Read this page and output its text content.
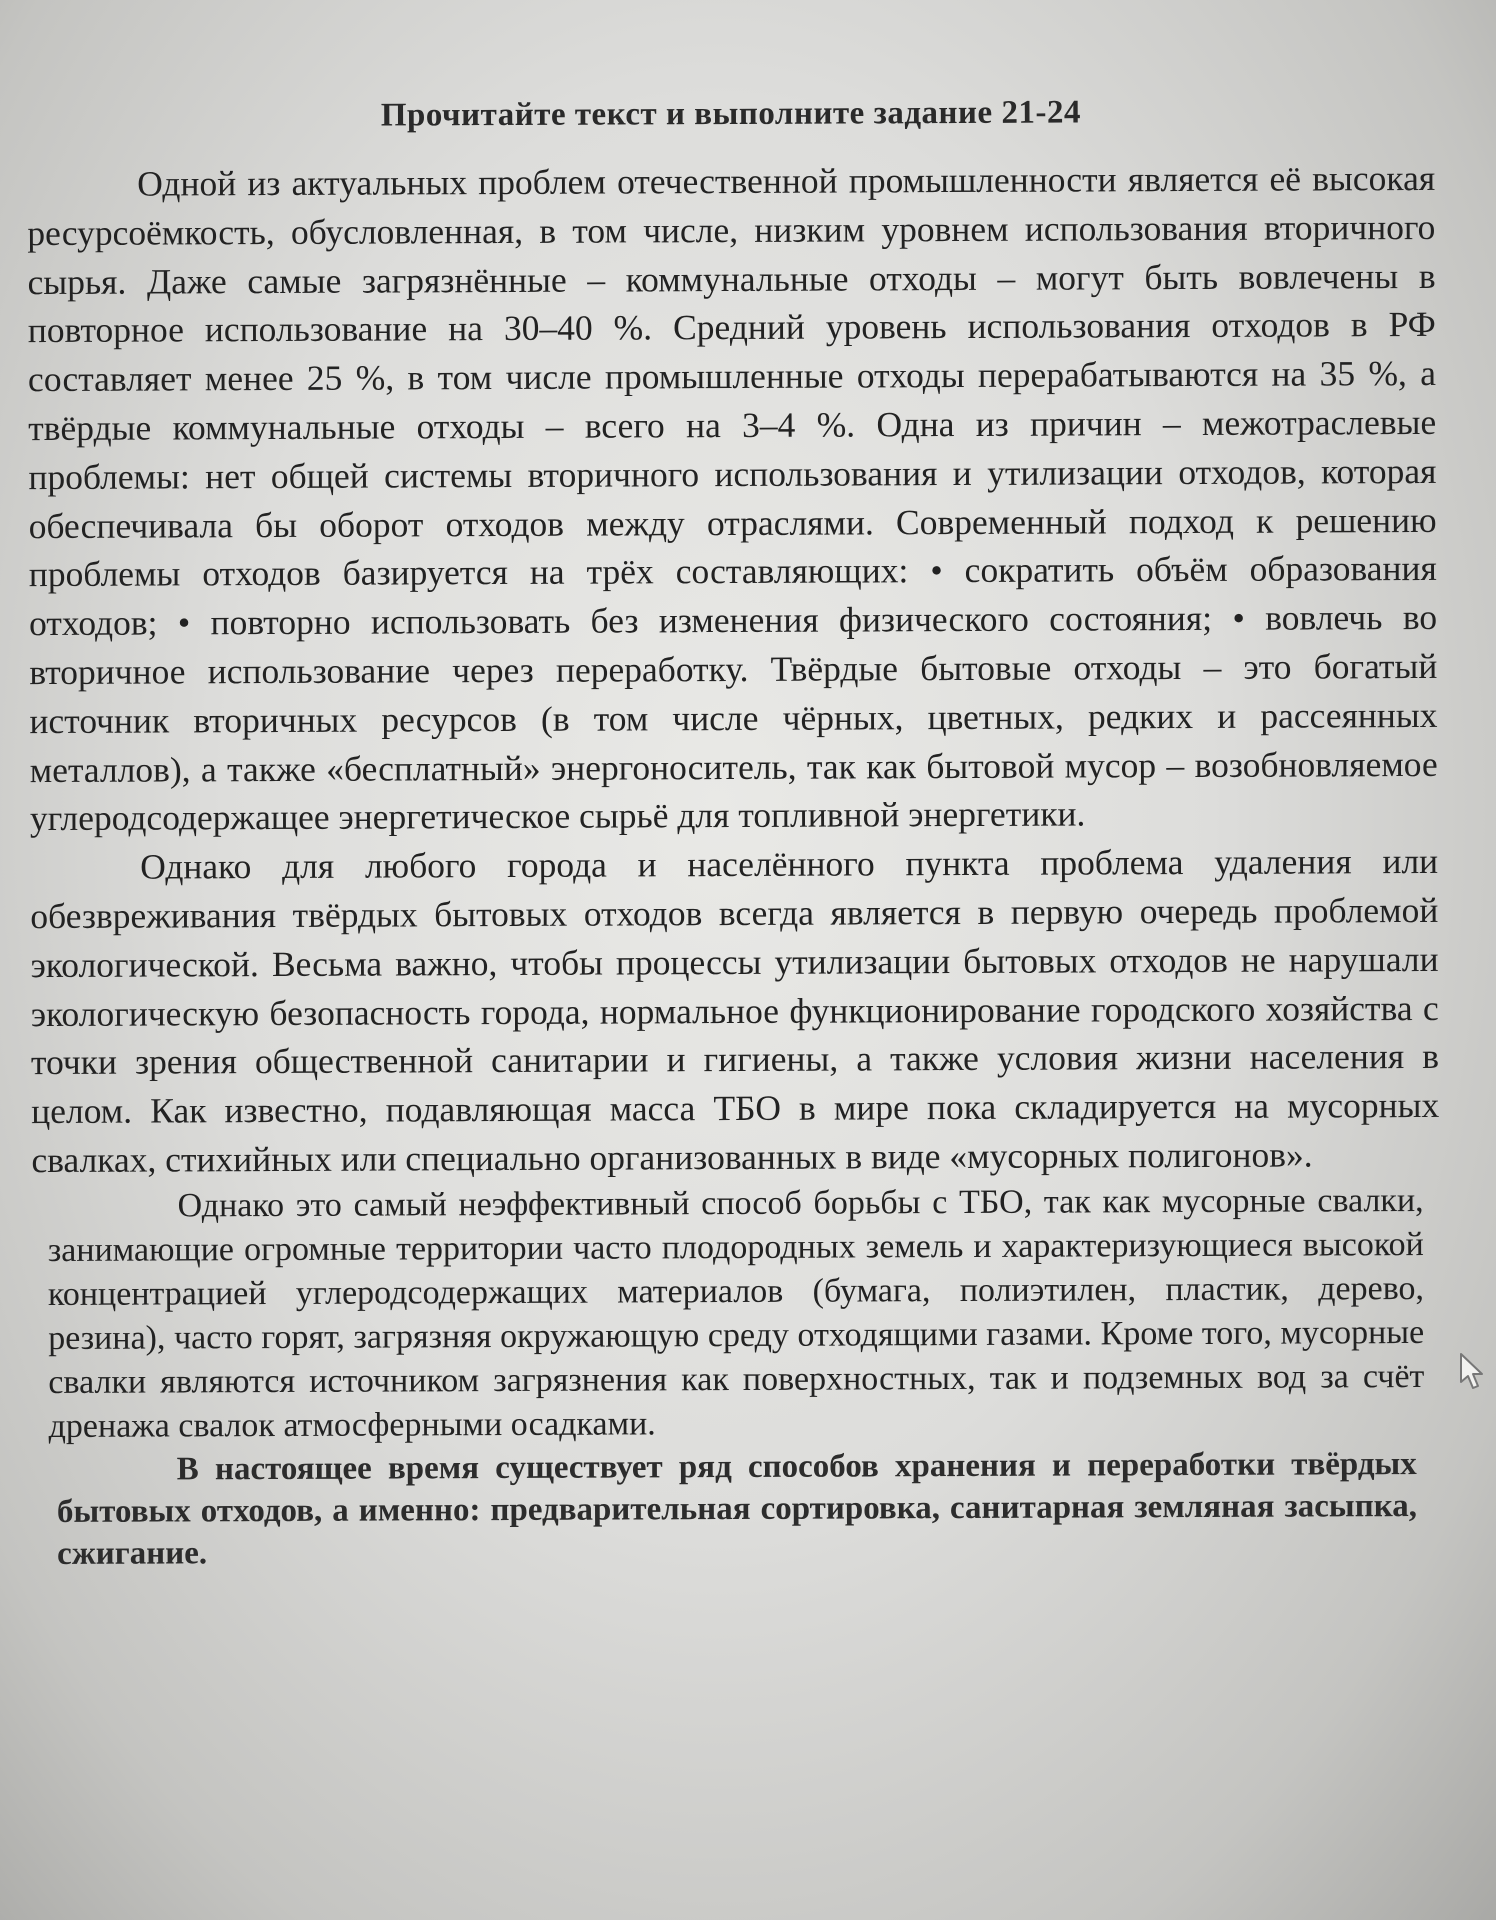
Прочитайте текст и выполните задание 21-24

Одной из актуальных проблем отечественной промышленности является её высокая ресурсоёмкость, обусловленная, в том числе, низким уровнем использования вторичного сырья. Даже самые загрязнённые – коммунальные отходы – могут быть вовлечены в повторное использование на 30–40 %. Средний уровень использования отходов в РФ составляет менее 25 %, в том числе промышленные отходы перерабатываются на 35 %, а твёрдые коммунальные отходы – всего на 3–4 %. Одна из причин – межотраслевые проблемы: нет общей системы вторичного использования и утилизации отходов, которая обеспечивала бы оборот отходов между отраслями. Современный подход к решению проблемы отходов базируется на трёх составляющих: • сократить объём образования отходов; • повторно использовать без изменения физического состояния; • вовлечь во вторичное использование через переработку. Твёрдые бытовые отходы – это богатый источник вторичных ресурсов (в том числе чёрных, цветных, редких и рассеянных металлов), а также «бесплатный» энергоноситель, так как бытовой мусор – возобновляемое углеродсодержащее энергетическое сырьё для топливной энергетики.

Однако для любого города и населённого пункта проблема удаления или обезвреживания твёрдых бытовых отходов всегда является в первую очередь проблемой экологической. Весьма важно, чтобы процессы утилизации бытовых отходов не нарушали экологическую безопасность города, нормальное функционирование городского хозяйства с точки зрения общественной санитарии и гигиены, а также условия жизни населения в целом. Как известно, подавляющая масса ТБО в мире пока складируется на мусорных свалках, стихийных или специально организованных в виде «мусорных полигонов».

Однако это самый неэффективный способ борьбы с ТБО, так как мусорные свалки, занимающие огромные территории часто плодородных земель и характеризующиеся высокой концентрацией углеродсодержащих материалов (бумага, полиэтилен, пластик, дерево, резина), часто горят, загрязняя окружающую среду отходящими газами. Кроме того, мусорные свалки являются источником загрязнения как поверхностных, так и подземных вод за счёт дренажа свалок атмосферными осадками.

В настоящее время существует ряд способов хранения и переработки твёрдых бытовых отходов, а именно: предварительная сортировка, санитарная земляная засыпка, сжигание.
